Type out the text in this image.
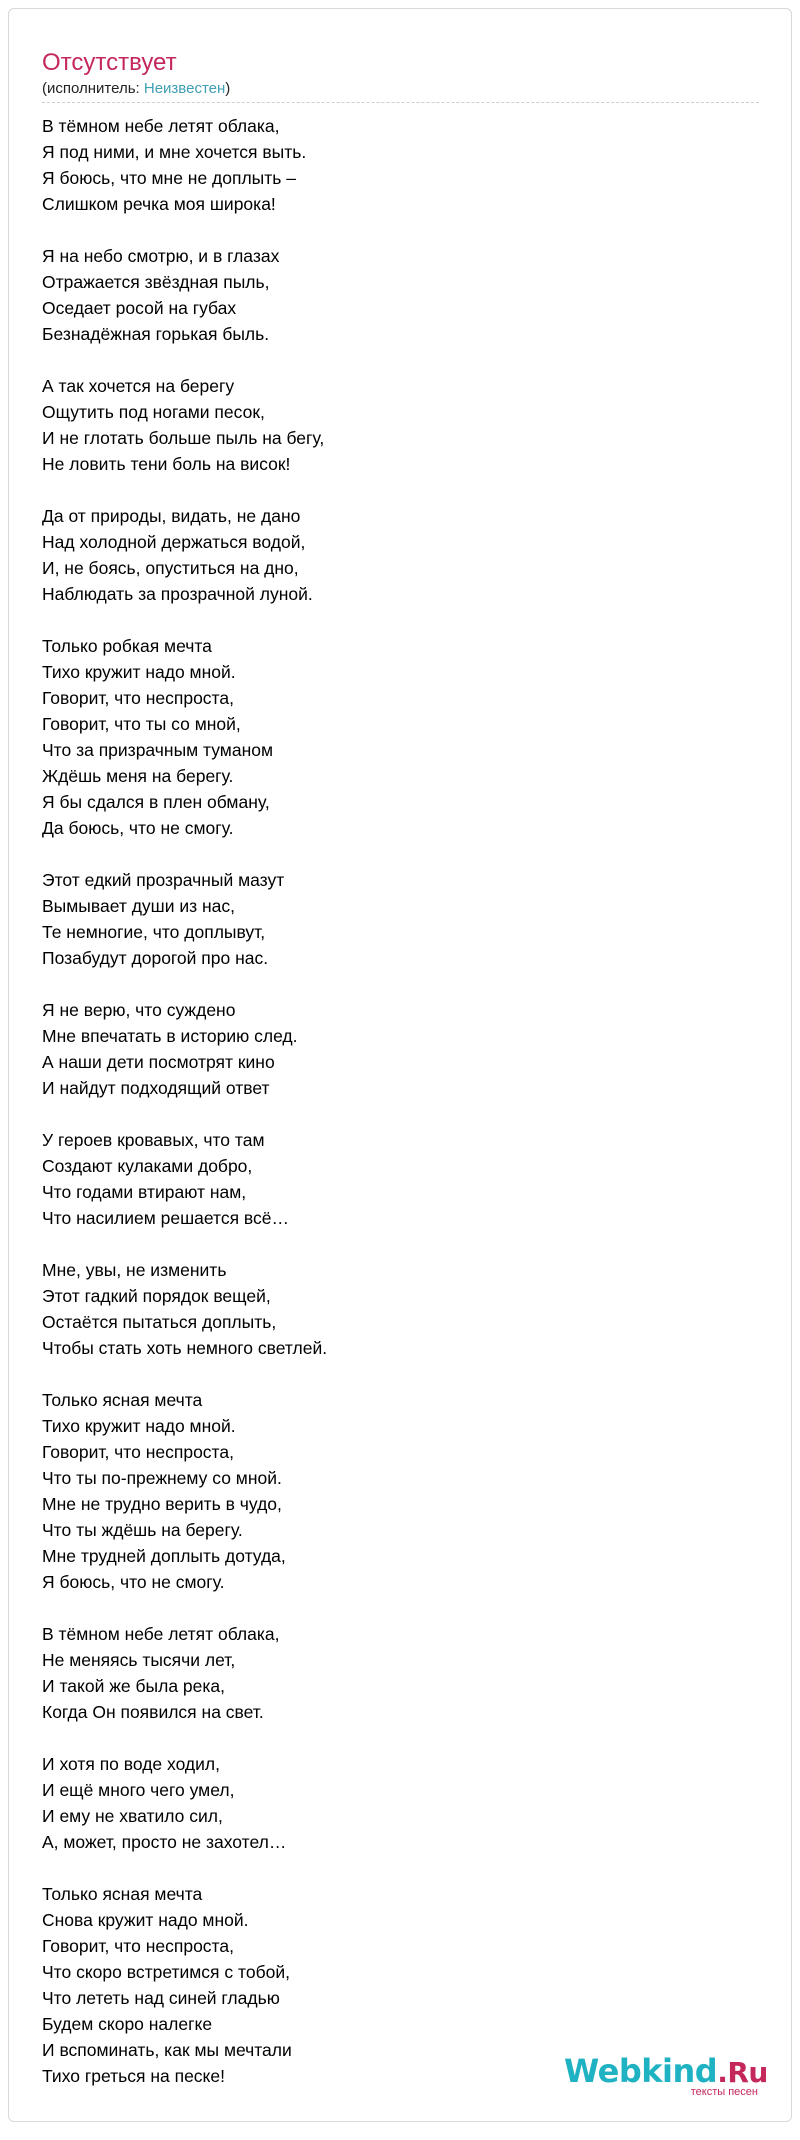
Отсутствует
(исполнитель: Неизвестен)
В тёмном небе летят облака,
Я под ними, и мне хочется выть.
Я боюсь, что мне не доплыть –
Слишком речка моя широка!
Я на небо смотрю, и в глазах
Отражается звёздная пыль,
Оседает росой на губах
Безнадёжная горькая быль.
А так хочется на берегу
Ощутить под ногами песок,
И не глотать больше пыль на бегу,
Не ловить тени боль на висок!
Да от природы, видать, не дано
Над холодной держаться водой,
И, не боясь, опуститься на дно,
Наблюдать за прозрачной луной.
Только робкая мечта
Тихо кружит надо мной.
Говорит, что неспроста,
Говорит, что ты со мной,
Что за призрачным туманом
Ждёшь меня на берегу.
Я бы сдался в плен обману,
Да боюсь, что не смогу.
Этот едкий прозрачный мазут
Вымывает души из нас,
Те немногие, что доплывут,
Позабудут дорогой про нас.
Я не верю, что суждено
Мне впечатать в историю след.
А наши дети посмотрят кино
И найдут подходящий ответ
У героев кровавых, что там
Создают кулаками добро,
Что годами втирают нам,
Что насилием решается всё…
Мне, увы, не изменить
Этот гадкий порядок вещей,
Остаётся пытаться доплыть,
Чтобы стать хоть немного светлей.
Только ясная мечта
Тихо кружит надо мной.
Говорит, что неспроста,
Что ты по-прежнему со мной.
Мне не трудно верить в чудо,
Что ты ждёшь на берегу.
Мне трудней доплыть дотуда,
Я боюсь, что не смогу.
В тёмном небе летят облака,
Не меняясь тысячи лет,
И такой же была река,
Когда Он появился на свет.
И хотя по воде ходил,
И ещё много чего умел,
И ему не хватило сил,
А, может, просто не захотел…
Только ясная мечта
Снова кружит надо мной.
Говорит, что неспроста,
Что скоро встретимся с тобой,
Что лететь над синей гладью
Будем скоро налегке
И вспоминать, как мы мечтали
Тихо греться на песке!	Webkind.Ru
тексты песен
